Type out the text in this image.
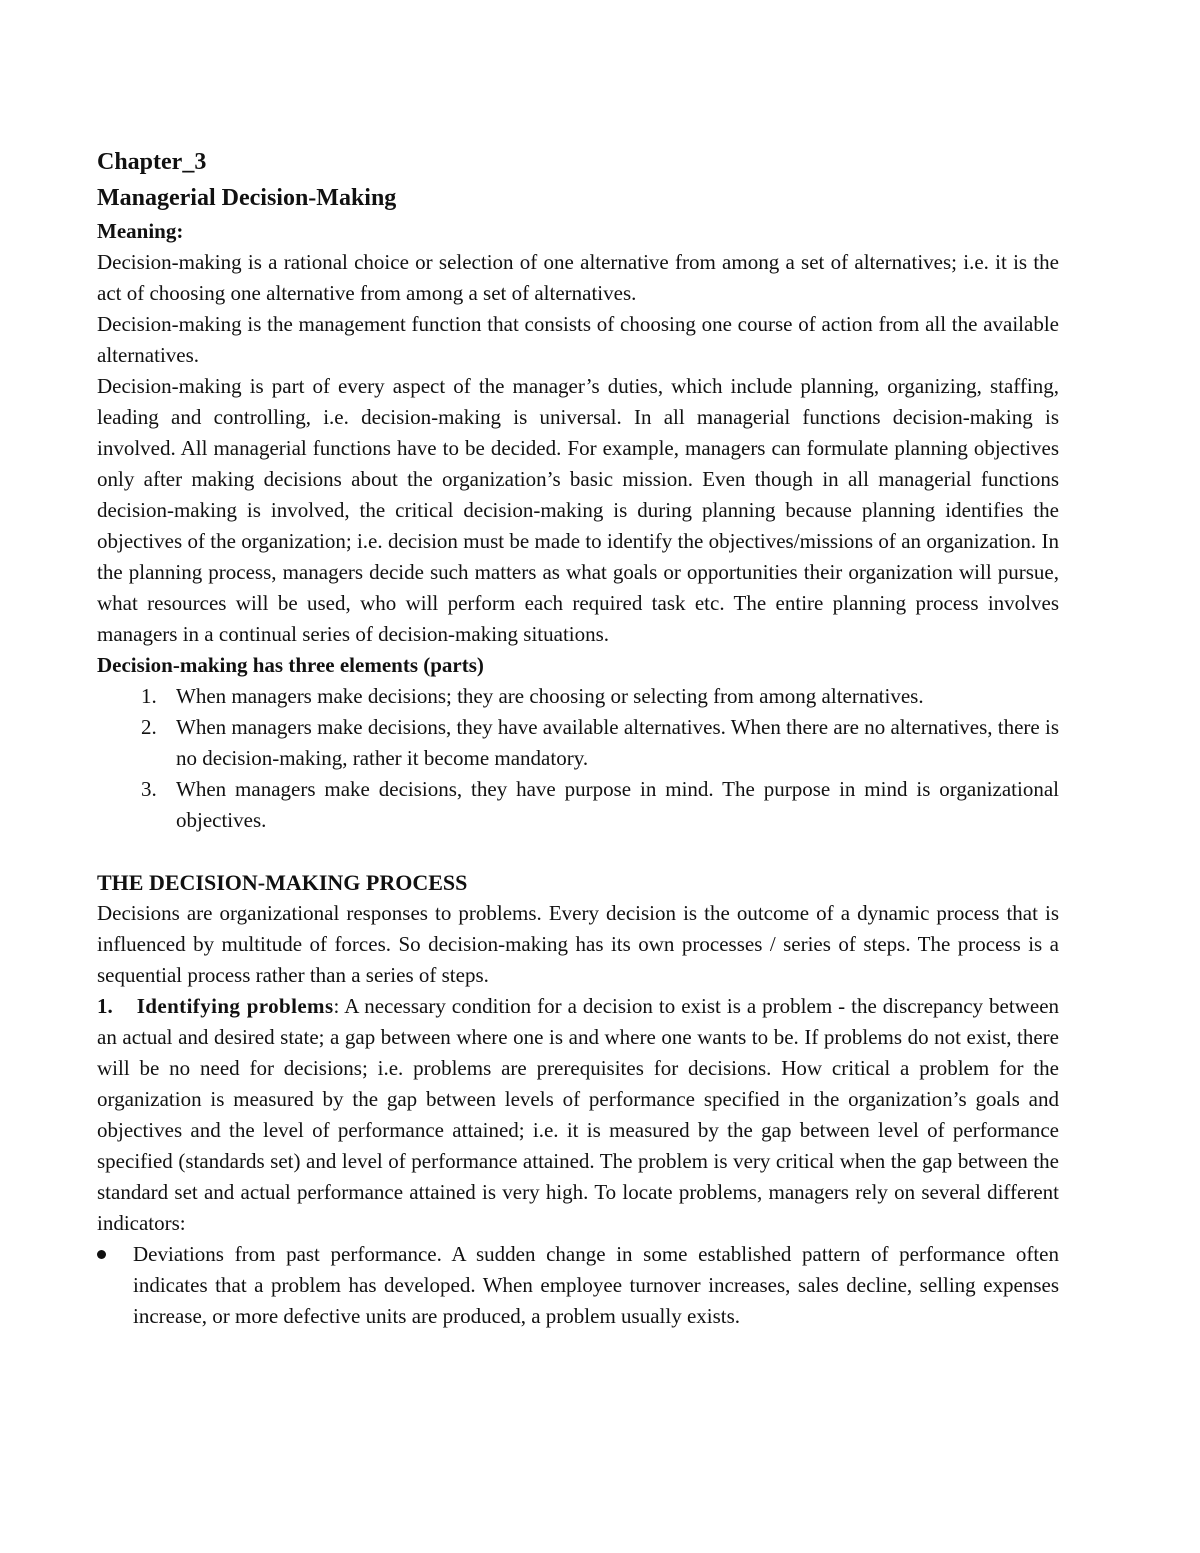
Chapter_3
Managerial Decision-Making
Meaning:

Decision-making is a rational choice or selection of one alternative from among a set of alternatives; i.e. it is the act of choosing one alternative from among a set of alternatives.

Decision-making is the management function that consists of choosing one course of action from all the available alternatives.

Decision-making is part of every aspect of the manager’s duties, which include planning, organizing, staffing, leading and controlling, i.e. decision-making is universal. In all managerial functions decision-making is involved. All managerial functions have to be decided. For example, managers can formulate planning objectives only after making decisions about the organization’s basic mission. Even though in all managerial functions decision-making is involved, the critical decision-making is during planning because planning identifies the objectives of the organization; i.e. decision must be made to identify the objectives/missions of an organization. In the planning process, managers decide such matters as what goals or opportunities their organization will pursue, what resources will be used, who will perform each required task etc. The entire planning process involves managers in a continual series of decision-making situations.

Decision-making has three elements (parts)
1. When managers make decisions; they are choosing or selecting from among alternatives.
2. When managers make decisions, they have available alternatives. When there are no alternatives, there is no decision-making, rather it become mandatory.
3. When managers make decisions, they have purpose in mind. The purpose in mind is organizational objectives.
THE DECISION-MAKING PROCESS

Decisions are organizational responses to problems. Every decision is the outcome of a dynamic process that is influenced by multitude of forces. So decision-making has its own processes / series of steps. The process is a sequential process rather than a series of steps.

1. Identifying problems: A necessary condition for a decision to exist is a problem - the discrepancy between an actual and desired state; a gap between where one is and where one wants to be. If problems do not exist, there will be no need for decisions; i.e. problems are prerequisites for decisions. How critical a problem for the organization is measured by the gap between levels of performance specified in the organization’s goals and objectives and the level of performance attained; i.e. it is measured by the gap between level of performance specified (standards set) and level of performance attained. The problem is very critical when the gap between the standard set and actual performance attained is very high. To locate problems, managers rely on several different indicators:

Deviations from past performance. A sudden change in some established pattern of performance often indicates that a problem has developed. When employee turnover increases, sales decline, selling expenses increase, or more defective units are produced, a problem usually exists.
